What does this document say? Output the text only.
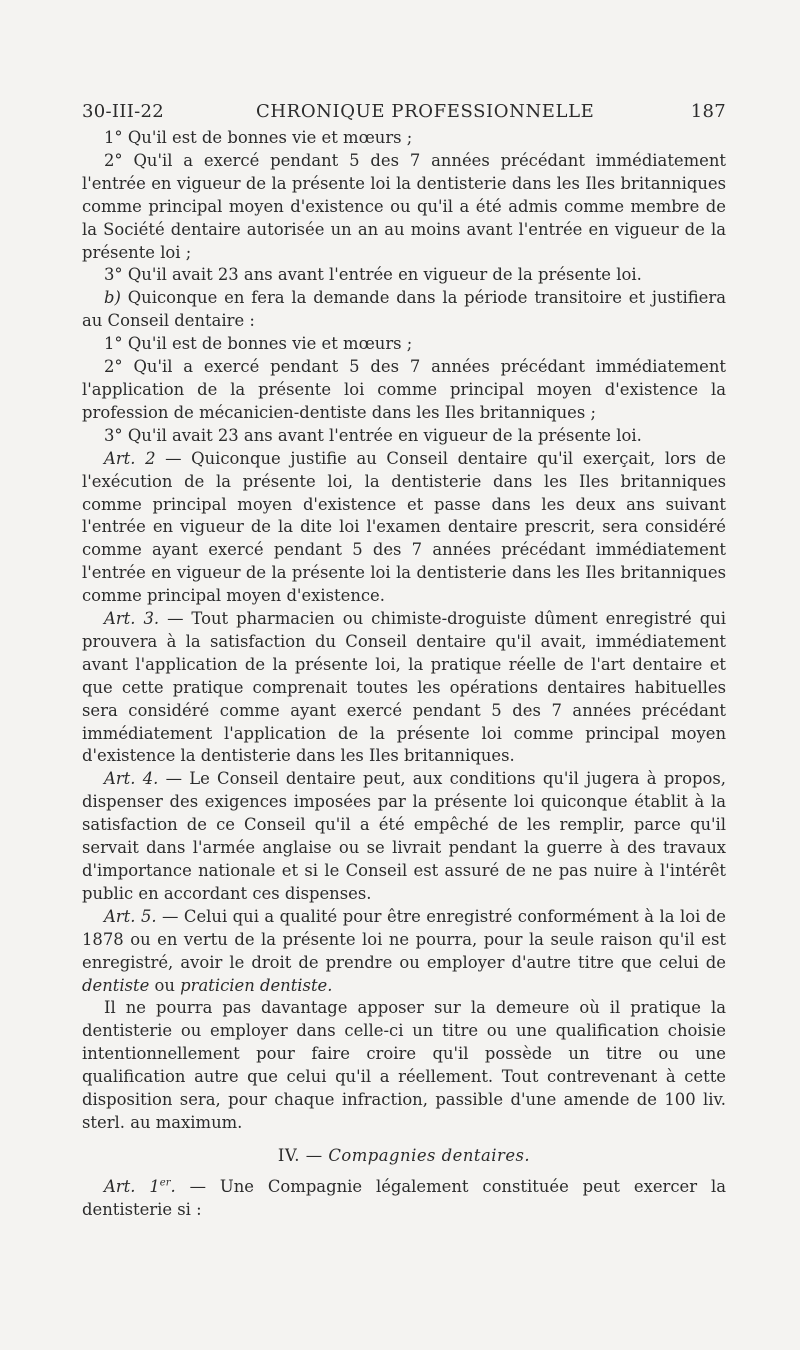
30-III-22	CHRONIQUE PROFESSIONNELLE	187

1° Qu'il est de bonnes vie et mœurs ;

2° Qu'il a exercé pendant 5 des 7 années précédant immédiatement l'entrée en vigueur de la présente loi la dentisterie dans les Iles britanniques comme principal moyen d'existence ou qu'il a été admis comme membre de la Société dentaire autorisée un an au moins avant l'entrée en vigueur de la présente loi ;

3° Qu'il avait 23 ans avant l'entrée en vigueur de la présente loi.

b) Quiconque en fera la demande dans la période transitoire et justifiera au Conseil dentaire :

1° Qu'il est de bonnes vie et mœurs ;

2° Qu'il a exercé pendant 5 des 7 années précédant immédiatement l'application de la présente loi comme principal moyen d'existence la profession de mécanicien-dentiste dans les Iles britanniques ;

3° Qu'il avait 23 ans avant l'entrée en vigueur de la présente loi.

Art. 2 — Quiconque justifie au Conseil dentaire qu'il exerçait, lors de l'exécution de la présente loi, la dentisterie dans les Iles britanniques comme principal moyen d'existence et passe dans les deux ans suivant l'entrée en vigueur de la dite loi l'examen dentaire prescrit, sera considéré comme ayant exercé pendant 5 des 7 années précédant immédiatement l'entrée en vigueur de la présente loi la dentisterie dans les Iles britanniques comme principal moyen d'existence.

Art. 3. — Tout pharmacien ou chimiste-droguiste dûment enregistré qui prouvera à la satisfaction du Conseil dentaire qu'il avait, immédiatement avant l'application de la présente loi, la pratique réelle de l'art dentaire et que cette pratique comprenait toutes les opérations dentaires habituelles sera considéré comme ayant exercé pendant 5 des 7 années précédant immédiatement l'application de la présente loi comme principal moyen d'existence la dentisterie dans les Iles britanniques.

Art. 4. — Le Conseil dentaire peut, aux conditions qu'il jugera à propos, dispenser des exigences imposées par la présente loi quiconque établit à la satisfaction de ce Conseil qu'il a été empêché de les remplir, parce qu'il servait dans l'armée anglaise ou se livrait pendant la guerre à des travaux d'importance nationale et si le Conseil est assuré de ne pas nuire à l'intérêt public en accordant ces dispenses.

Art. 5. — Celui qui a qualité pour être enregistré conformément à la loi de 1878 ou en vertu de la présente loi ne pourra, pour la seule raison qu'il est enregistré, avoir le droit de prendre ou employer d'autre titre que celui de dentiste ou praticien dentiste.

Il ne pourra pas davantage apposer sur la demeure où il pratique la dentisterie ou employer dans celle-ci un titre ou une qualification choisie intentionnellement pour faire croire qu'il possède un titre ou une qualification autre que celui qu'il a réellement. Tout contrevenant à cette disposition sera, pour chaque infraction, passible d'une amende de 100 liv. sterl. au maximum.

IV. — Compagnies dentaires.

Art. 1er. — Une Compagnie légalement constituée peut exercer la dentisterie si :
